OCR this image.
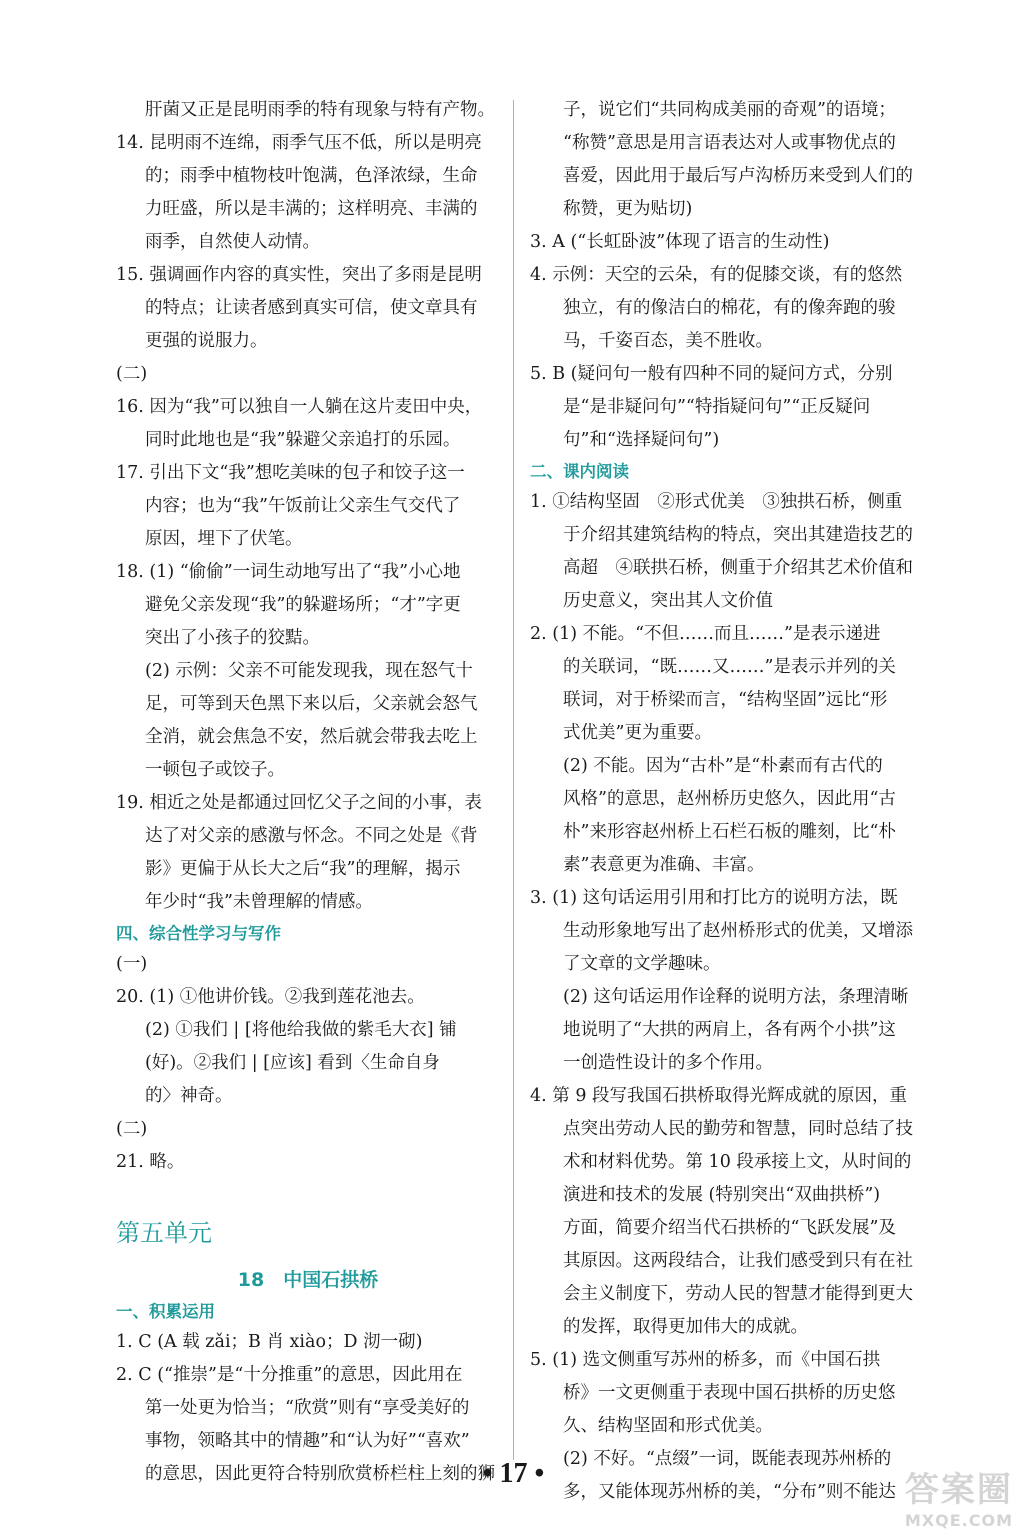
肝菌又正是昆明雨季的特有现象与特有产物。
14. 昆明雨不连绵，雨季气压不低，所以是明亮
的；雨季中植物枝叶饱满，色泽浓绿，生命
力旺盛，所以是丰满的；这样明亮、丰满的
雨季，自然使人动情。
15. 强调画作内容的真实性，突出了多雨是昆明
的特点；让读者感到真实可信，使文章具有
更强的说服力。
(二)
16. 因为“我”可以独自一人躺在这片麦田中央，
同时此地也是“我”躲避父亲追打的乐园。
17. 引出下文“我”想吃美味的包子和饺子这一
内容；也为“我”午饭前让父亲生气交代了
原因，埋下了伏笔。
18. (1) “偷偷”一词生动地写出了“我”小心地
避免父亲发现“我”的躲避场所；“才”字更
突出了小孩子的狡黠。
(2) 示例：父亲不可能发现我，现在怒气十
足，可等到天色黑下来以后，父亲就会怒气
全消，就会焦急不安，然后就会带我去吃上
一顿包子或饺子。
19. 相近之处是都通过回忆父子之间的小事，表
达了对父亲的感激与怀念。不同之处是《背
影》更偏于从长大之后“我”的理解，揭示
年少时“我”未曾理解的情感。
四、综合性学习与写作
(一)
20. (1) ①他讲价钱。②我到莲花池去。
(2) ①我们 | [将他给我做的紫毛大衣] 铺
(好)。②我们 | [应该] 看到〈生命自身
的〉神奇。
(二)
21. 略。
第五单元
18　中国石拱桥
一、积累运用
1. C (A 载 zǎi；B 肖 xiào；D 沏一砌)
2. C (“推崇”是“十分推重”的意思，因此用在
第一处更为恰当；“欣赏”则有“享受美好的
事物，领略其中的情趣”和“认为好”“喜欢”
的意思，因此更符合特别欣赏桥栏柱上刻的狮
子，说它们“共同构成美丽的奇观”的语境；
“称赞”意思是用言语表达对人或事物优点的
喜爱，因此用于最后写卢沟桥历来受到人们的
称赞，更为贴切)
3. A (“长虹卧波”体现了语言的生动性)
4. 示例：天空的云朵，有的促膝交谈，有的悠然
独立，有的像洁白的棉花，有的像奔跑的骏
马，千姿百态，美不胜收。
5. B (疑问句一般有四种不同的疑问方式，分别
是“是非疑问句”“特指疑问句”“正反疑问
句”和“选择疑问句”)
二、课内阅读
1. ①结构坚固　②形式优美　③独拱石桥，侧重
于介绍其建筑结构的特点，突出其建造技艺的
高超　④联拱石桥，侧重于介绍其艺术价值和
历史意义，突出其人文价值
2. (1) 不能。“不但……而且……”是表示递进
的关联词，“既……又……”是表示并列的关
联词，对于桥梁而言，“结构坚固”远比“形
式优美”更为重要。
(2) 不能。因为“古朴”是“朴素而有古代的
风格”的意思，赵州桥历史悠久，因此用“古
朴”来形容赵州桥上石栏石板的雕刻，比“朴
素”表意更为准确、丰富。
3. (1) 这句话运用引用和打比方的说明方法，既
生动形象地写出了赵州桥形式的优美，又增添
了文章的文学趣味。
(2) 这句话运用作诠释的说明方法，条理清晰
地说明了“大拱的两肩上，各有两个小拱”这
一创造性设计的多个作用。
4. 第 9 段写我国石拱桥取得光辉成就的原因，重
点突出劳动人民的勤劳和智慧，同时总结了技
术和材料优势。第 10 段承接上文，从时间的
演进和技术的发展 (特别突出“双曲拱桥”)
方面，简要介绍当代石拱桥的“飞跃发展”及
其原因。这两段结合，让我们感受到只有在社
会主义制度下，劳动人民的智慧才能得到更大
的发挥，取得更加伟大的成就。
5. (1) 选文侧重写苏州的桥多，而《中国石拱
桥》一文更侧重于表现中国石拱桥的历史悠
久、结构坚固和形式优美。
(2) 不好。“点缀”一词，既能表现苏州桥的
多，又能体现苏州桥的美，“分布”则不能达
• 17 •	答案圈
MXQE.COM
